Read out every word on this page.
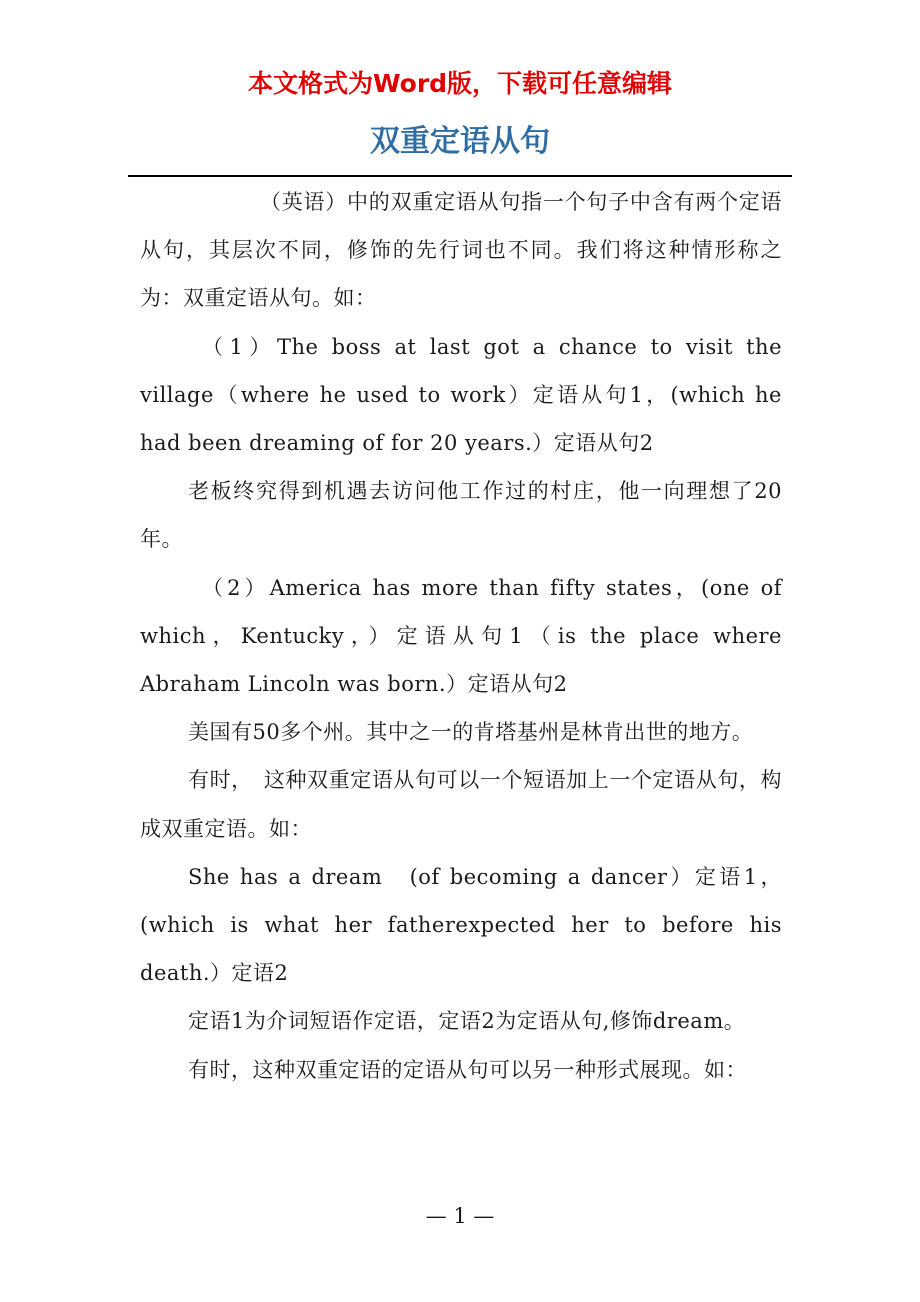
本文格式为Word版，下载可任意编辑
双重定语从句

（英语）中的双重定语从句指一个句子中含有两个定语从句，其层次不同，修饰的先行词也不同。我们将这种情形称之为：双重定语从句。如：

（1）The boss at last got a chance to visit the village（where he used to work）定语从句1，(which he had been dreaming of for 20 years.）定语从句2

老板终究得到机遇去访问他工作过的村庄，他一向理想了20年。

（2）America has more than fifty states，(one of which，Kentucky，）定语从句1（is the place where Abraham Lincoln was born.）定语从句2

美国有50多个州。其中之一的肯塔基州是林肯出世的地方。

有时，　这种双重定语从句可以一个短语加上一个定语从句，构成双重定语。如：

She has a dream　(of becoming a dancer）定语1，(which is what her fatherexpected her to before his death.）定语2

定语1为介词短语作定语，定语2为定语从句,修饰dream。

有时，这种双重定语的定语从句可以另一种形式展现。如：

— 1 —
